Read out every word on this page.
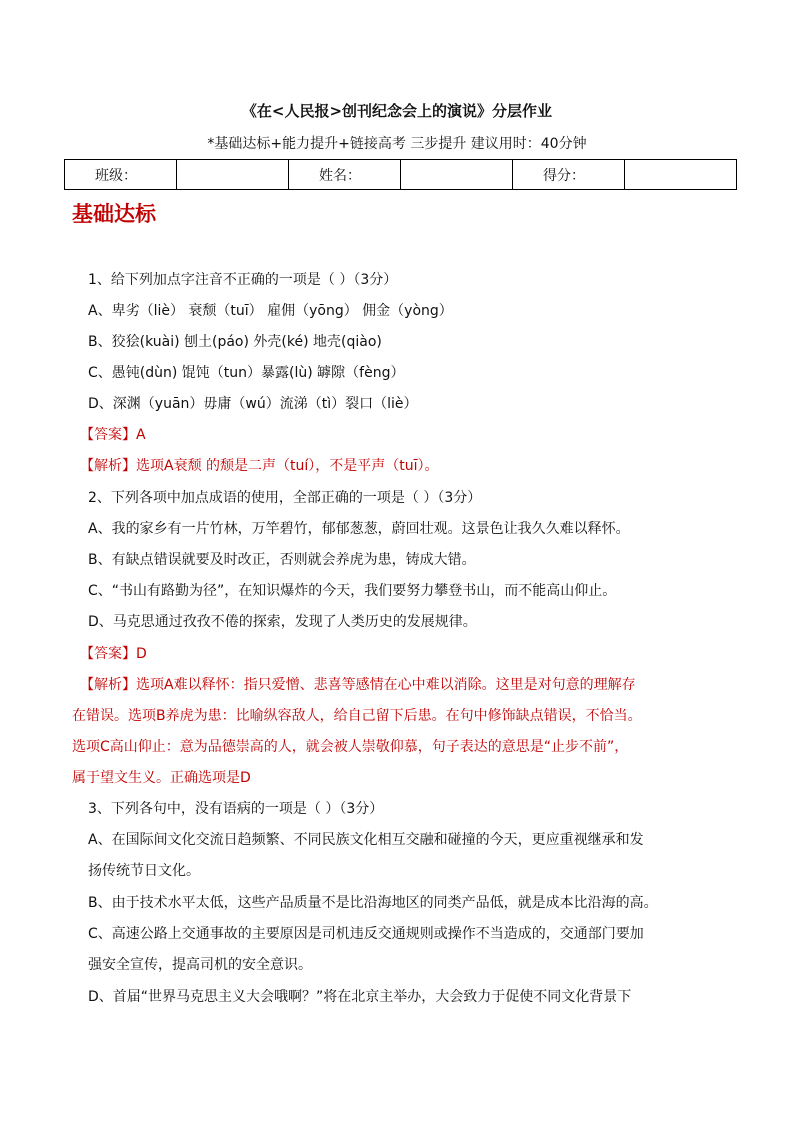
《在<人民报>创刊纪念会上的演说》分层作业
*基础达标+能力提升+链接高考 三步提升 建议用时：40分钟
班级：		姓名：		得分：	
基础达标
1、给下列加点字注音不正确的一项是（ ）（3分）
A、卑劣（liè） 衰颓（tuī） 雇佣（yōng） 佣金（yòng）
B、狡狯(kuài) 刨土(páo) 外壳(ké) 地壳(qiào)
C、愚钝(dùn) 馄饨（tun）暴露(lù) 罅隙（fèng）
D、深渊（yuān）毋庸（wú）流涕（tì）裂口（liè）
【答案】A
【解析】选项A衰颓 的颓是二声（tuí），不是平声（tuī）。
2、下列各项中加点成语的使用，全部正确的一项是（ ）（3分）
A、我的家乡有一片竹林，万竿碧竹，郁郁葱葱，蔚回壮观。这景色让我久久难以释怀。
B、有缺点错误就要及时改正，否则就会养虎为患，铸成大错。
C、“书山有路勤为径”，在知识爆炸的今天，我们要努力攀登书山，而不能高山仰止。
D、马克思通过孜孜不倦的探索，发现了人类历史的发展规律。
【答案】D
【解析】选项A难以释怀：指只爱憎、悲喜等感情在心中难以消除。这里是对句意的理解存
在错误。选项B养虎为患：比喻纵容敌人，给自己留下后患。在句中修饰缺点错误，不恰当。
选项C高山仰止：意为品德崇高的人，就会被人崇敬仰慕，句子表达的意思是“止步不前”，
属于望文生义。正确选项是D
3、下列各句中，没有语病的一项是（ ）（3分）
A、在国际间文化交流日趋频繁、不同民族文化相互交融和碰撞的今天，更应重视继承和发
扬传统节日文化。
B、由于技术水平太低，这些产品质量不是比沿海地区的同类产品低，就是成本比沿海的高。
C、高速公路上交通事故的主要原因是司机违反交通规则或操作不当造成的，交通部门要加
强安全宣传，提高司机的安全意识。
D、首届“世界马克思主义大会哦啊？”将在北京主举办，大会致力于促使不同文化背景下
